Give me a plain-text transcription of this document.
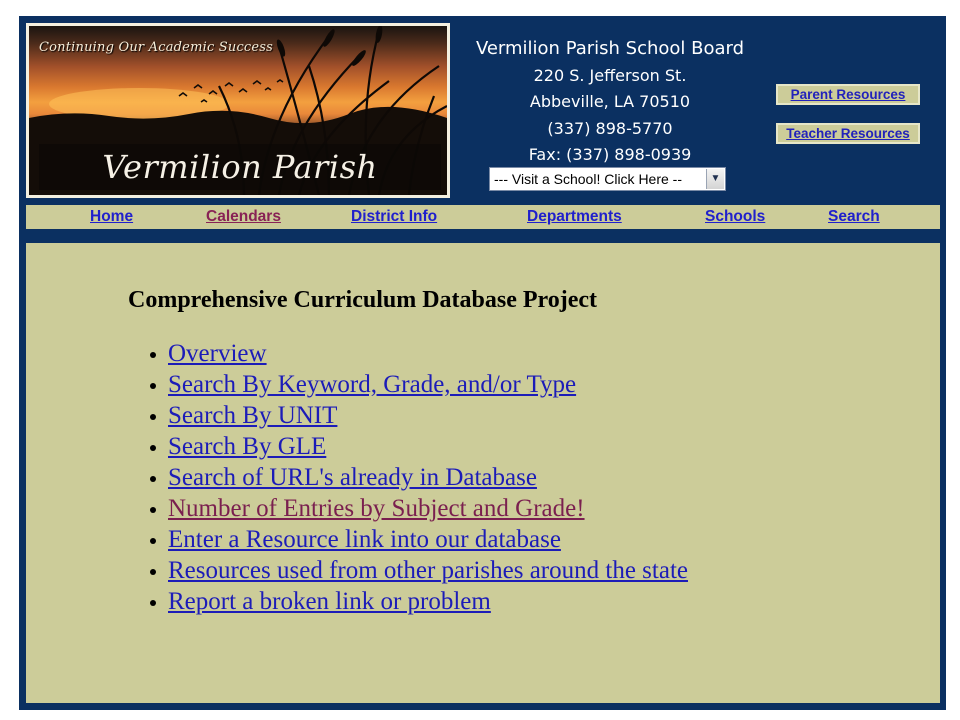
Continuing Our Academic Success
Vermilion Parish
Vermilion Parish School Board
220 S. Jefferson St.
Abbeville, LA 70510
(337) 898-5770
Fax: (337) 898-0939
--- Visit a School! Click Here --	▼
Parent Resources
Teacher Resources
Home	Calendars	District Info	Departments	Schools	Search
Comprehensive Curriculum Database Project
Overview
Search By Keyword, Grade, and/or Type
Search By UNIT
Search By GLE
Search of URL's already in Database
Number of Entries by Subject and Grade!
Enter a Resource link into our database
Resources used from other parishes around the state
Report a broken link or problem
